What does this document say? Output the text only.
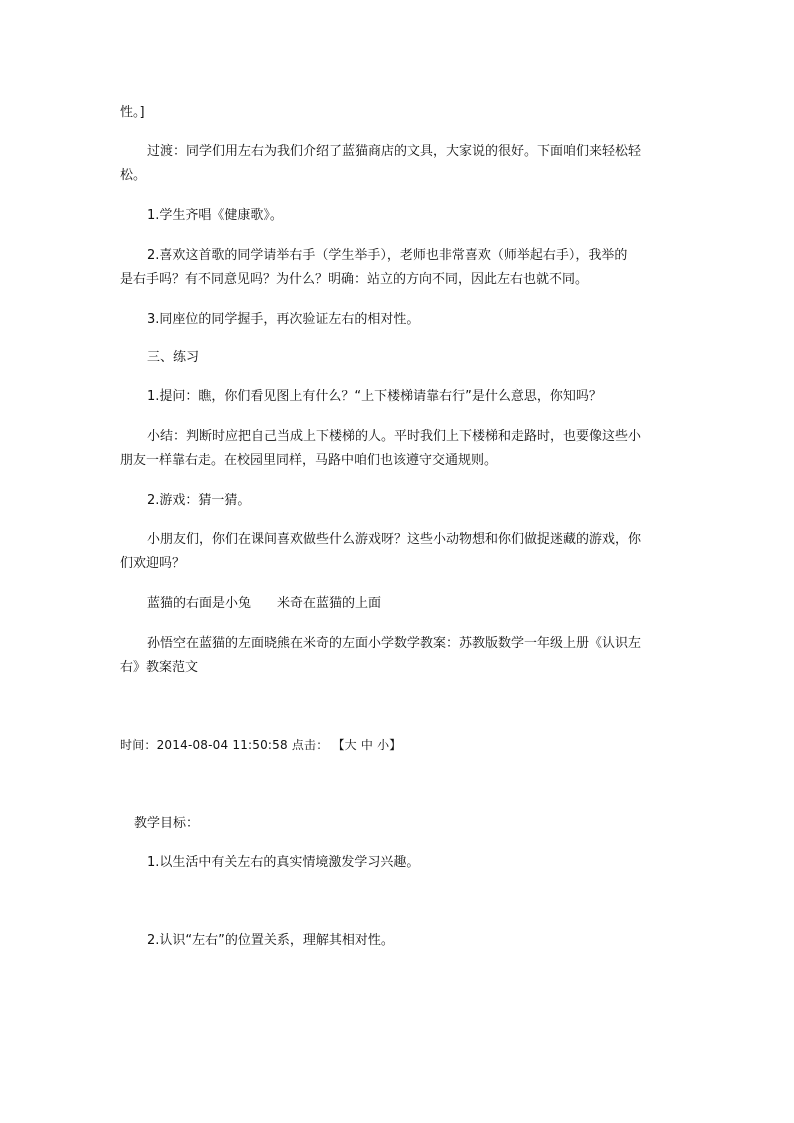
性。]
过渡：同学们用左右为我们介绍了蓝猫商店的文具，大家说的很好。下面咱们来轻松轻
松。
1.学生齐唱《健康歌》。
2.喜欢这首歌的同学请举右手（学生举手），老师也非常喜欢（师举起右手），我举的
是右手吗？有不同意见吗？为什么？明确：站立的方向不同，因此左右也就不同。
3.同座位的同学握手，再次验证左右的相对性。
三、练习
1.提问：瞧，你们看见图上有什么？“上下楼梯请靠右行”是什么意思，你知吗？
小结：判断时应把自己当成上下楼梯的人。平时我们上下楼梯和走路时，也要像这些小
朋友一样靠右走。在校园里同样，马路中咱们也该遵守交通规则。
2.游戏：猜一猜。
小朋友们，你们在课间喜欢做些什么游戏呀？这些小动物想和你们做捉迷藏的游戏，你
们欢迎吗？
蓝猫的右面是小兔　　米奇在蓝猫的上面
孙悟空在蓝猫的左面晓熊在米奇的左面小学数学教案：苏教版数学一年级上册《认识左
右》教案范文
时间：2014-08-04 11:50:58 点击： 【大 中 小】
教学目标：
1.以生活中有关左右的真实情境激发学习兴趣。
2.认识“左右”的位置关系，理解其相对性。
